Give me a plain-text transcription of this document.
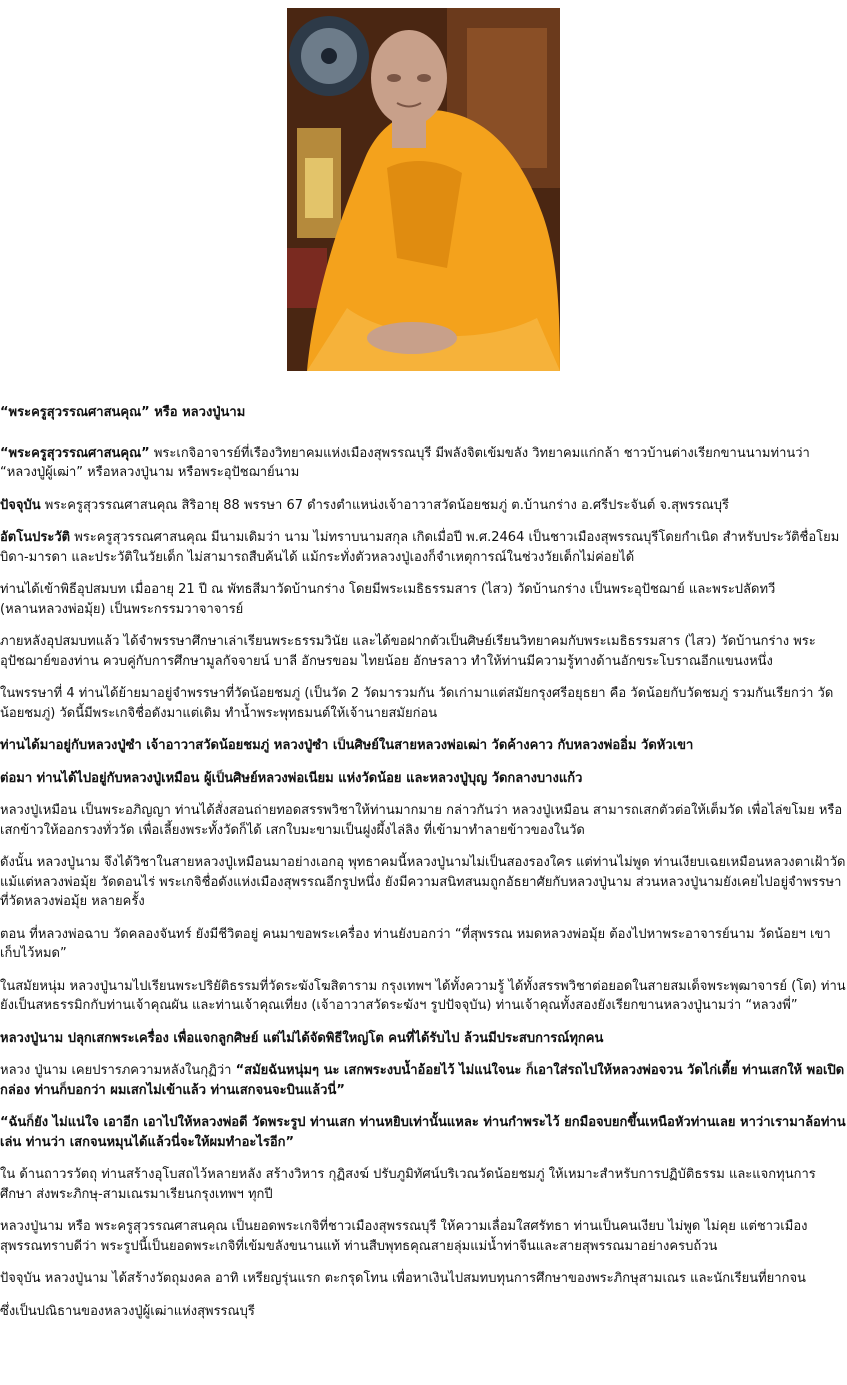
“พระครูสุวรรณศาสนคุณ” หรือ หลวงปู่นาม

“พระครูสุวรรณศาสนคุณ” พระเกจิอาจารย์ที่เรืองวิทยาคมแห่งเมืองสุพรรณบุรี มีพลังจิตเข้มขลัง วิทยาคมแก่กล้า ชาวบ้านต่างเรียกขานนามท่านว่า “หลวงปู่ผู้เฒ่า” หรือหลวงปู่นาม หรือพระอุปัชฌาย์นาม

ปัจจุบัน พระครูสุวรรณศาสนคุณ สิริอายุ 88 พรรษา 67 ดำรงตำแหน่งเจ้าอาวาสวัดน้อยชมภู่ ต.บ้านกร่าง อ.ศรีประจันต์ จ.สุพรรณบุรี

อัตโนประวัติ พระครูสุวรรณศาสนคุณ มีนามเดิมว่า นาม ไม่ทราบนามสกุล เกิดเมื่อปี พ.ศ.2464 เป็นชาวเมืองสุพรรณบุรีโดยกำเนิด สำหรับประวัติชื่อโยมบิดา-มารดา และประวัติในวัยเด็ก ไม่สามารถสืบค้นได้ แม้กระทั่งตัวหลวงปู่เองก็จำเหตุการณ์ในช่วงวัยเด็กไม่ค่อยได้

ท่านได้เข้าพิธีอุปสมบท เมื่ออายุ 21 ปี ณ พัทธสีมาวัดบ้านกร่าง โดยมีพระเมธิธรรมสาร (ไสว) วัดบ้านกร่าง เป็นพระอุปัชฌาย์ และพระปลัดทวี (หลานหลวงพ่อมุ้ย) เป็นพระกรรมวาจาจารย์

ภายหลังอุปสมบทแล้ว ได้จำพรรษาศึกษาเล่าเรียนพระธรรมวินัย และได้ขอฝากตัวเป็นศิษย์เรียนวิทยาคมกับพระเมธิธรรมสาร (ไสว) วัดบ้านกร่าง พระอุปัชฌาย์ของท่าน ควบคู่กับการศึกษามูลกัจจายน์ บาลี อักษรขอม ไทยน้อย อักษรลาว ทำให้ท่านมีความรู้ทางด้านอักขระโบราณอีกแขนงหนึ่ง

ในพรรษาที่ 4 ท่านได้ย้ายมาอยู่จำพรรษาที่วัดน้อยชมภู่ (เป็นวัด 2 วัดมารวมกัน วัดเก่ามาแต่สมัยกรุงศรีอยุธยา คือ วัดน้อยกับวัดชมภู่ รวมกันเรียกว่า วัดน้อยชมภู่) วัดนี้มีพระเกจิชื่อดังมาแต่เดิม ทำน้ำพระพุทธมนต์ให้เจ้านายสมัยก่อน

ท่านได้มาอยู่กับหลวงปู่ซำ เจ้าอาวาสวัดน้อยชมภู่ หลวงปู่ซำ เป็นศิษย์ในสายหลวงพ่อเฒ่า วัดค้างคาว กับหลวงพ่ออิ่ม วัดหัวเขา

ต่อมา ท่านได้ไปอยู่กับหลวงปู่เหมือน ผู้เป็นศิษย์หลวงพ่อเนียม แห่งวัดน้อย และหลวงปู่บุญ วัดกลางบางแก้ว

หลวงปู่เหมือน เป็นพระอภิญญา ท่านได้สั่งสอนถ่ายทอดสรรพวิชาให้ท่านมากมาย กล่าวกันว่า หลวงปู่เหมือน สามารถเสกตัวต่อให้เต็มวัด เพื่อไล่ขโมย หรือเสกข้าวให้ออกรวงทั่ววัด เพื่อเลี้ยงพระทั้งวัดก็ได้ เสกใบมะขามเป็นฝูงผึ้งไล่ลิง ที่เข้ามาทำลายข้าวของในวัด

ดังนั้น หลวงปู่นาม จึงได้วิชาในสายหลวงปู่เหมือนมาอย่างเอกอุ พุทธาคมนี้หลวงปู่นามไม่เป็นสองรองใคร แต่ท่านไม่พูด ท่านเงียบเฉยเหมือนหลวงตาเฝ้าวัด แม้แต่หลวงพ่อมุ้ย วัดดอนไร่ พระเกจิชื่อดังแห่งเมืองสุพรรณอีกรูปหนึ่ง ยังมีความสนิทสนมถูกอัธยาศัยกับหลวงปู่นาม ส่วนหลวงปู่นามยังเคยไปอยู่จำพรรษาที่วัดหลวงพ่อมุ้ย หลายครั้ง

ตอน ที่หลวงพ่อฉาบ วัดคลองจันทร์ ยังมีชีวิตอยู่ คนมาขอพระเครื่อง ท่านยังบอกว่า “ที่สุพรรณ หมดหลวงพ่อมุ้ย ต้องไปหาพระอาจารย์นาม วัดน้อยฯ เขาเก็บไว้หมด”

ในสมัยหนุ่ม หลวงปู่นามไปเรียนพระปริยัติธรรมที่วัดระฆังโฆสิตาราม กรุงเทพฯ ได้ทั้งความรู้ ได้ทั้งสรรพวิชาต่อยอดในสายสมเด็จพระพุฒาจารย์ (โต) ท่านยังเป็นสหธรรมิกกับท่านเจ้าคุณผัน และท่านเจ้าคุณเที่ยง (เจ้าอาวาสวัดระฆังฯ รูปปัจจุบัน) ท่านเจ้าคุณทั้งสองยังเรียกขานหลวงปู่นามว่า “หลวงพี่”

หลวงปู่นาม ปลุกเสกพระเครื่อง เพื่อแจกลูกศิษย์ แต่ไม่ได้จัดพิธีใหญ่โต คนที่ได้รับไป ล้วนมีประสบการณ์ทุกคน

หลวง ปู่นาม เคยปรารภความหลังในกุฏิว่า “สมัยฉันหนุ่มๆ นะ เสกพระงบน้ำอ้อยไว้ ไม่แน่ใจนะ ก็เอาใส่รถไปให้หลวงพ่อจวน วัดไก่เตี้ย ท่านเสกให้ พอเปิดกล่อง ท่านก็บอกว่า ผมเสกไม่เข้าแล้ว ท่านเสกจนจะบินแล้วนี่”

“ฉันก็ยัง ไม่แน่ใจ เอาอีก เอาไปให้หลวงพ่อดี วัดพระรูป ท่านเสก ท่านหยิบเท่านั้นแหละ ท่านกำพระไว้ ยกมือจบยกขึ้นเหนือหัวท่านเลย หาว่าเรามาล้อท่านเล่น ท่านว่า เสกจนหมุนได้แล้วนี่จะให้ผมทำอะไรอีก”

ใน ด้านถาวรวัตถุ ท่านสร้างอุโบสถไว้หลายหลัง สร้างวิหาร กุฏิสงฆ์ ปรับภูมิทัศน์บริเวณวัดน้อยชมภู่ ให้เหมาะสำหรับการปฏิบัติธรรม และแจกทุนการศึกษา ส่งพระภิกษุ-สามเณรมาเรียนกรุงเทพฯ ทุกปี

หลวงปู่นาม หรือ พระครูสุวรรณศาสนคุณ เป็นยอดพระเกจิที่ชาวเมืองสุพรรณบุรี ให้ความเลื่อมใสศรัทธา ท่านเป็นคนเงียบ ไม่พูด ไม่คุย แต่ชาวเมืองสุพรรณทราบดีว่า พระรูปนี้เป็นยอดพระเกจิที่เข้มขลังขนานแท้ ท่านสืบพุทธคุณสายลุ่มแม่น้ำท่าจีนและสายสุพรรณมาอย่างครบถ้วน

ปัจจุบัน หลวงปู่นาม ได้สร้างวัตถุมงคล อาทิ เหรียญรุ่นแรก ตะกรุดโทน เพื่อหาเงินไปสมทบทุนการศึกษาของพระภิกษุสามเณร และนักเรียนที่ยากจน

ซึ่งเป็นปณิธานของหลวงปู่ผู้เฒ่าแห่งสุพรรณบุรี
